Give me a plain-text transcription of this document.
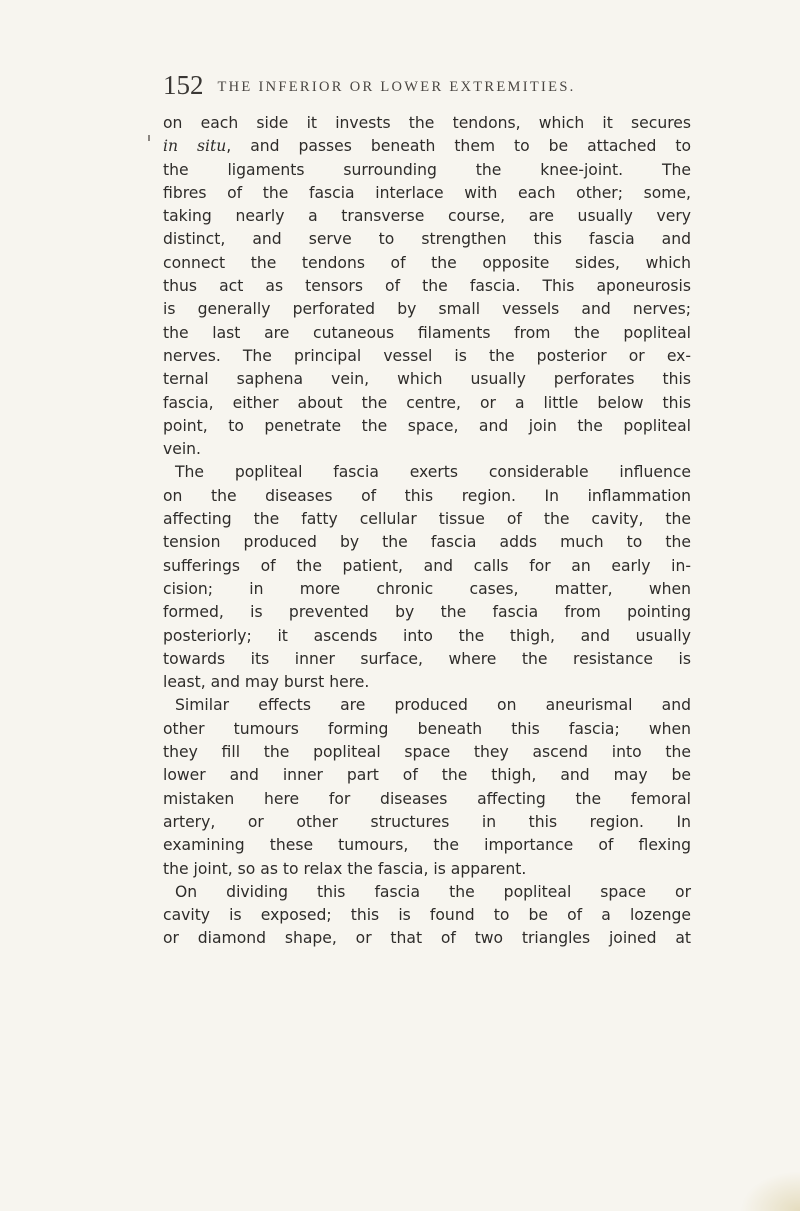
152 THE INFERIOR OR LOWER EXTREMITIES.
on each side it invests the tendons, which it secures
in situ, and passes beneath them to be attached to
the ligaments surrounding the knee-joint. The
fibres of the fascia interlace with each other; some,
taking nearly a transverse course, are usually very
distinct, and serve to strengthen this fascia and
connect the tendons of the opposite sides, which
thus act as tensors of the fascia. This aponeurosis
is generally perforated by small vessels and nerves;
the last are cutaneous filaments from the popliteal
nerves. The principal vessel is the posterior or ex-
ternal saphena vein, which usually perforates this
fascia, either about the centre, or a little below this
point, to penetrate the space, and join the popliteal
vein.
The popliteal fascia exerts considerable influence
on the diseases of this region. In inflammation
affecting the fatty cellular tissue of the cavity, the
tension produced by the fascia adds much to the
sufferings of the patient, and calls for an early in-
cision; in more chronic cases, matter, when
formed, is prevented by the fascia from pointing
posteriorly; it ascends into the thigh, and usually
towards its inner surface, where the resistance is
least, and may burst here.
Similar effects are produced on aneurismal and
other tumours forming beneath this fascia; when
they fill the popliteal space they ascend into the
lower and inner part of the thigh, and may be
mistaken here for diseases affecting the femoral
artery, or other structures in this region. In
examining these tumours, the importance of flexing
the joint, so as to relax the fascia, is apparent.
On dividing this fascia the popliteal space or
cavity is exposed; this is found to be of a lozenge
or diamond shape, or that of two triangles joined at
